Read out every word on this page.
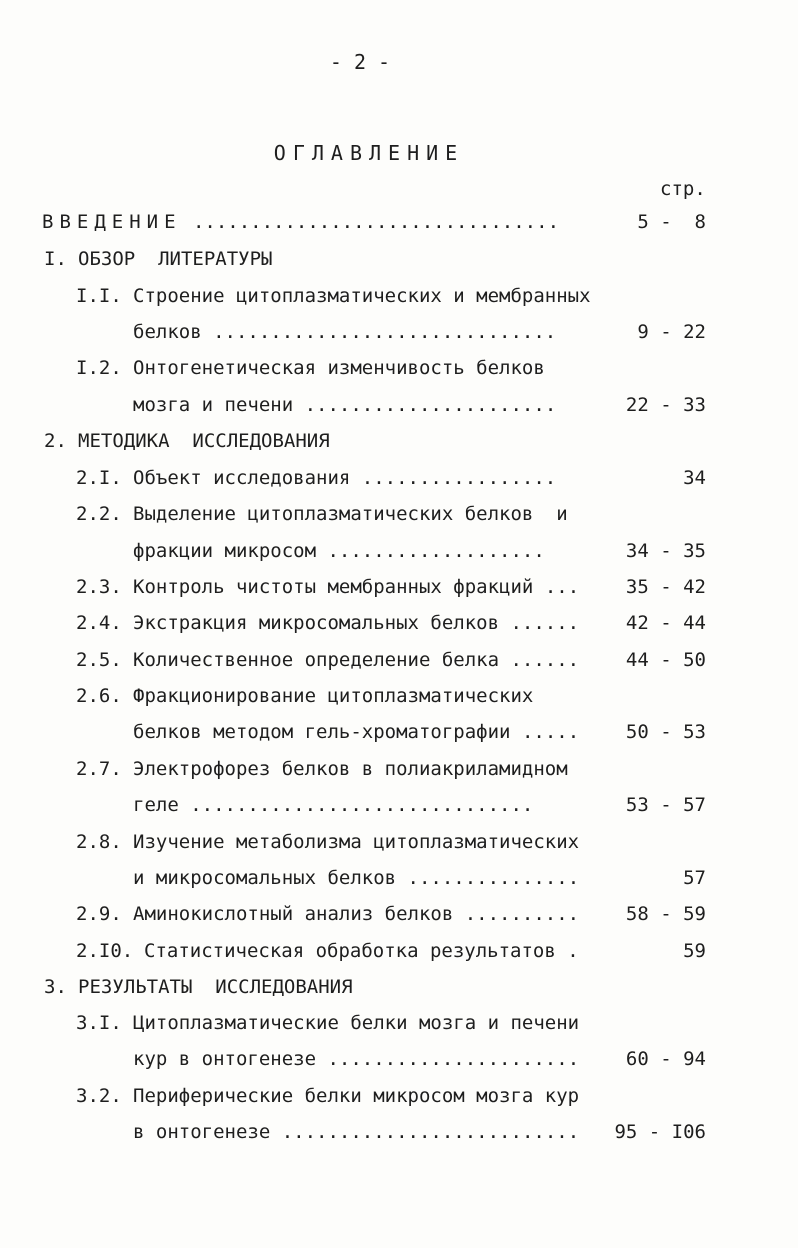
- 2 -
ОГЛАВЛЕНИЕ
стр.
ВВЕДЕНИЕ ................................	5 -  8
I. ОБЗОР  ЛИТЕРАТУРЫ
I.I. Строение цитоплазматических и мембранных
белков ..............................	9 - 22
I.2. Онтогенетическая изменчивость белков
мозга и печени ......................	22 - 33
2. МЕТОДИКА  ИССЛЕДОВАНИЯ
2.I. Объект исследования .................	34
2.2. Выделение цитоплазматических белков  и
фракции микросом ...................	34 - 35
2.3. Контроль чистоты мембранных фракций ... 35 - 42
2.4. Экстракция микросомальных белков ...... 42 - 44
2.5. Количественное определение белка ...... 44 - 50
2.6. Фракционирование цитоплазматических
белков методом гель-хроматографии ..... 50 - 53
2.7. Электрофорез белков в полиакриламидном
геле ..............................	53 - 57
2.8. Изучение метаболизма цитоплазматических
и микросомальных белков ...............	57
2.9. Аминокислотный анализ белков .......... 58 - 59
2.I0. Статистическая обработка результатов .	59
3. РЕЗУЛЬТАТЫ  ИССЛЕДОВАНИЯ
3.I. Цитоплазматические белки мозга и печени
кур в онтогенезе ...................... 60 - 94
3.2. Периферические белки микросом мозга кур
в онтогенезе .......................... 95 - I06
